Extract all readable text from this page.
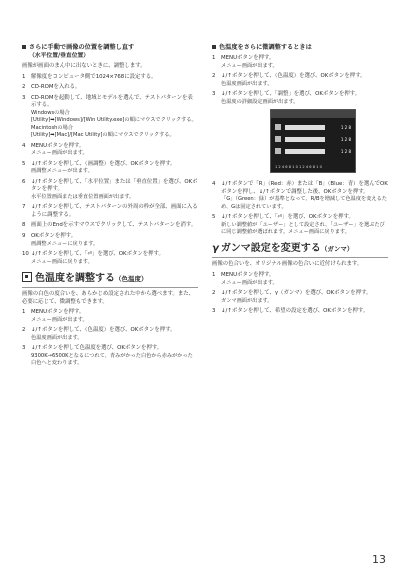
さらに手動で画像の位置を調整し直す
（水平位置/垂直位置）

画像が画面のまん中に出ないときに、調整します。

1	解像度をコンピュータ側で1024×768に設定する。
2	CD-ROMを入れる。
3	CD-ROMを起動して、地域とモデルを選んで、テストパターンを表示する。
Windowsの場合
[Utility]➡[Windows]/[Win Utility.exe]の順にマウスでクリックする。
Macintoshの場合
[Utility]➡[Mac]/[Mac Utility]の順にマウスでクリックする。
4	MENUボタンを押す。
メニュー画面が出ます。
5	↓/↑ボタンを押して、（画調整）を選び、OKボタンを押す。
画調整メニューが出ます。
6	↓/↑ボタンを押して、「水平位置」または「垂直位置」を選び、OKボタンを押す。
水平位置画面または垂直位置画面が出ます。
7	↓/↑ボタンを押して、テストパターンの外周の枠が全部、画面に入るように調整する。
8	画面上のEndを示すマウスでクリックして、テストパターンを消す。
9	OKボタンを押す。
画調整メニューに戻ります。
10 ↓/↑ボタンを押して、「⏎」を選び、OKボタンを押す。
メニュー画面に戻ります。
色温度を調整する（色温度）

画像の白色の度合いを、あらかじめ設定された中から選べます。また、必要に応じて、微調整もできます。

1	MENUボタンを押す。
メニュー画面が出ます。
2	↓/↑ボタンを押して、（色温度）を選び、OKボタンを押す。
色温度画面が出ます。
3	↓/↑ボタンを押して色温度を選び、OKボタンを押す。
9300K→6500Kとなるにつれて、青みがかった白色から赤みがかった白色へと変わります。
色温度をさらに微調整するときは
1	MENUボタンを押す。
メニュー画面が出ます。
2	↓/↑ボタンを押して、（色温度）を選び、OKボタンを押す。
色温度画面が出ます。
3	↓/↑ボタンを押して、「調整」を選び、OKボタンを押す。
色温度の詳細設定画面が出ます。
1 2 8
1 2 8
1 2 8
1 2 4 6 8 1 0 1 2 4 6 8 1 0
4	↓/↑ボタンで「R」（Red：赤）または「B」（Blue：青）を選んでOKボタンを押し、↓/↑ボタンで調整した後、OKボタンを押す。
「G」（Green：緑）が基準となって、R/Bを増減して色温度を変えるため、Gは固定されています。
5	↓/↑ボタンを押して、「⏎」を選び、OKボタンを押す。
新しい調整値が「ユーザー」として設定され、「ユーザー」を選ぶたびに同じ調整値が選ばれます。メニュー画面に戻ります。
γ ガンマ設定を変更する（ガンマ）

画像の色合いを、オリジナル画像の色合いに近付けられます。

1	MENUボタンを押す。
メニュー画面が出ます。
2	↓/↑ボタンを押して、γ（ガンマ）を選び、OKボタンを押す。
ガンマ画面が出ます。
3	↓/↑ボタンを押して、希望の設定を選び、OKボタンを押す。
13
